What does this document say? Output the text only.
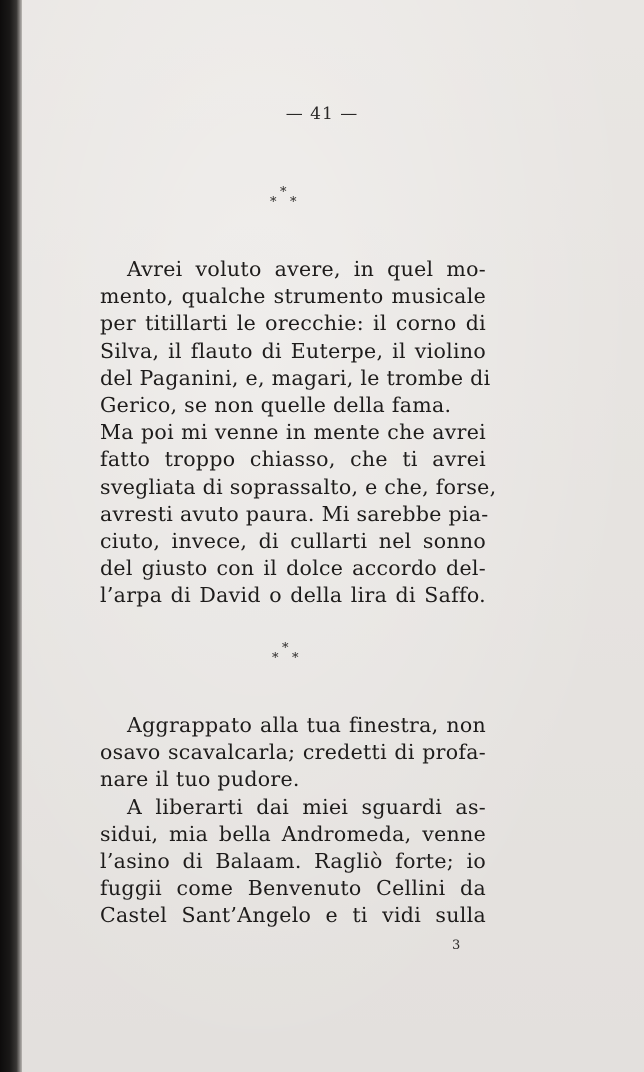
— 41 —
*
* *
Avrei voluto avere, in quel mo-
mento, qualche strumento musicale
per titillarti le orecchie: il corno di
Silva, il flauto di Euterpe, il violino
del Paganini, e, magari, le trombe di
Gerico, se non quelle della fama.
Ma poi mi venne in mente che avrei
fatto troppo chiasso, che ti avrei
svegliata di soprassalto, e che, forse,
avresti avuto paura. Mi sarebbe pia-
ciuto, invece, di cullarti nel sonno
del giusto con il dolce accordo del-
l’arpa di David o della lira di Saffo.
*
* *
Aggrappato alla tua finestra, non
osavo scavalcarla; credetti di profa-
nare il tuo pudore.
A liberarti dai miei sguardi as-
sidui, mia bella Andromeda, venne
l’asino di Balaam. Ragliò forte; io
fuggii come Benvenuto Cellini da
Castel Sant’Angelo e ti vidi sulla
3
